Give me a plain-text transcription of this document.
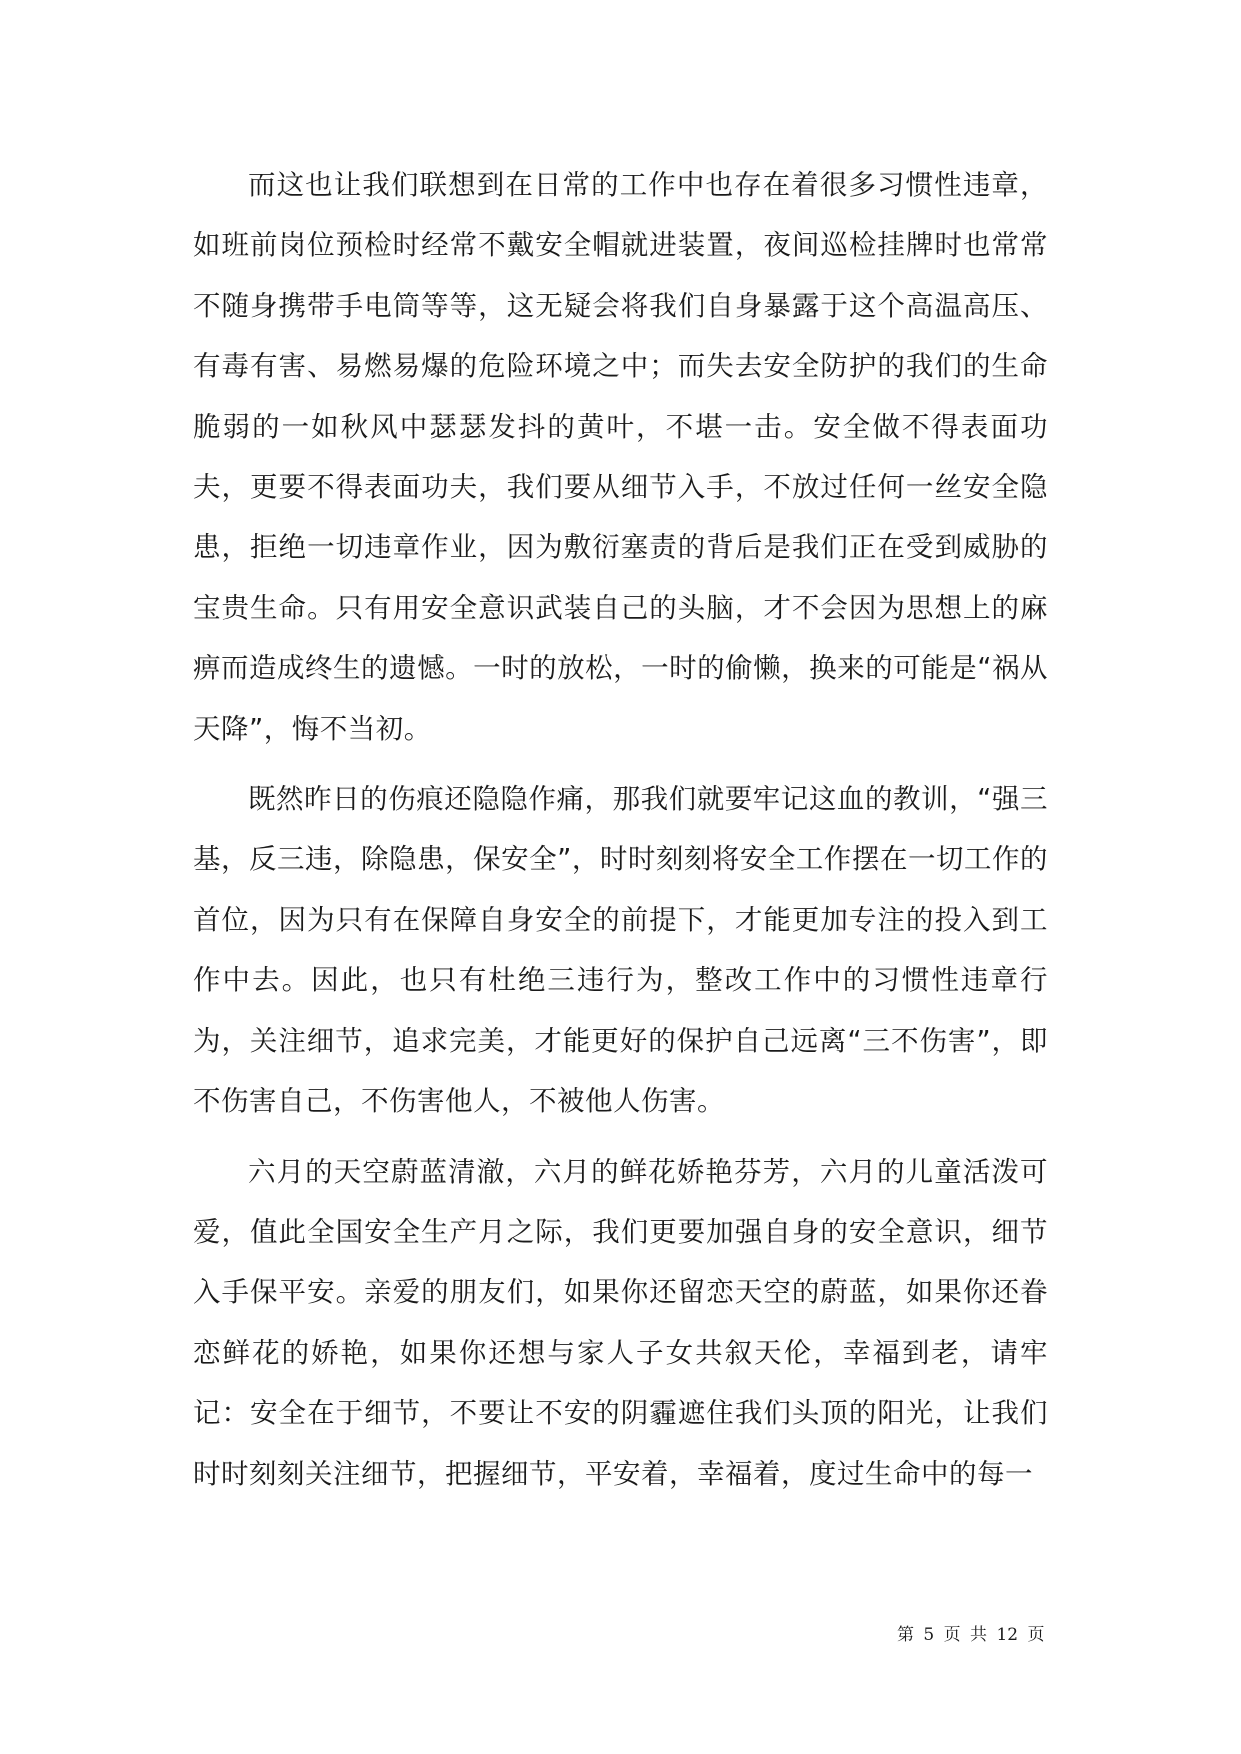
而这也让我们联想到在日常的工作中也存在着很多习惯性违章，如班前岗位预检时经常不戴安全帽就进装置，夜间巡检挂牌时也常常不随身携带手电筒等等，这无疑会将我们自身暴露于这个高温高压、有毒有害、易燃易爆的危险环境之中；而失去安全防护的我们的生命脆弱的一如秋风中瑟瑟发抖的黄叶，不堪一击。安全做不得表面功夫，更要不得表面功夫，我们要从细节入手，不放过任何一丝安全隐患，拒绝一切违章作业，因为敷衍塞责的背后是我们正在受到威胁的宝贵生命。只有用安全意识武装自己的头脑，才不会因为思想上的麻痹而造成终生的遗憾。一时的放松，一时的偷懒，换来的可能是“祸从天降”，悔不当初。

既然昨日的伤痕还隐隐作痛，那我们就要牢记这血的教训，“强三基，反三违，除隐患，保安全”，时时刻刻将安全工作摆在一切工作的首位，因为只有在保障自身安全的前提下，才能更加专注的投入到工作中去。因此，也只有杜绝三违行为，整改工作中的习惯性违章行为，关注细节，追求完美，才能更好的保护自己远离“三不伤害”，即不伤害自己，不伤害他人，不被他人伤害。

六月的天空蔚蓝清澈，六月的鲜花娇艳芬芳，六月的儿童活泼可爱，值此全国安全生产月之际，我们更要加强自身的安全意识，细节入手保平安。亲爱的朋友们，如果你还留恋天空的蔚蓝，如果你还眷恋鲜花的娇艳，如果你还想与家人子女共叙天伦，幸福到老，请牢记：安全在于细节，不要让不安的阴霾遮住我们头顶的阳光，让我们时时刻刻关注细节，把握细节，平安着，幸福着，度过生命中的每一

第 5 页 共 12 页
